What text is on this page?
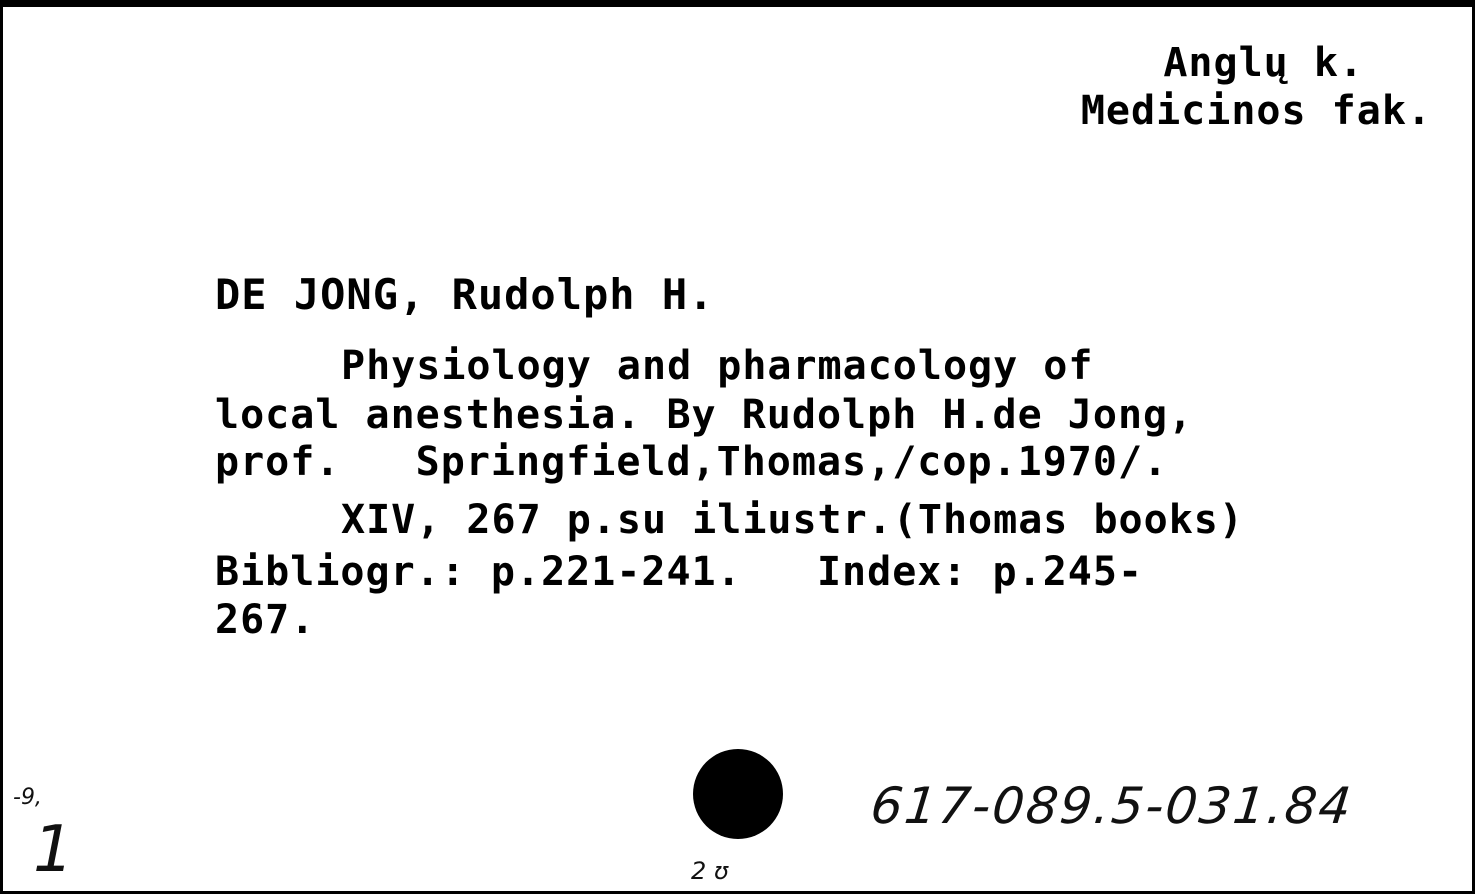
Anglų k.
Medicinos fak.
DE JONG, Rudolph H.
Physiology and pharmacology of
local anesthesia. By Rudolph H.de Jong,
prof.   Springfield,Thomas,/cop.1970/.
XIV, 267 p.su iliustr.(Thomas books)
Bibliogr.: p.221-241.   Index: p.245-
267.
617-089.5-031.84
-9,
1	2 ʊ
